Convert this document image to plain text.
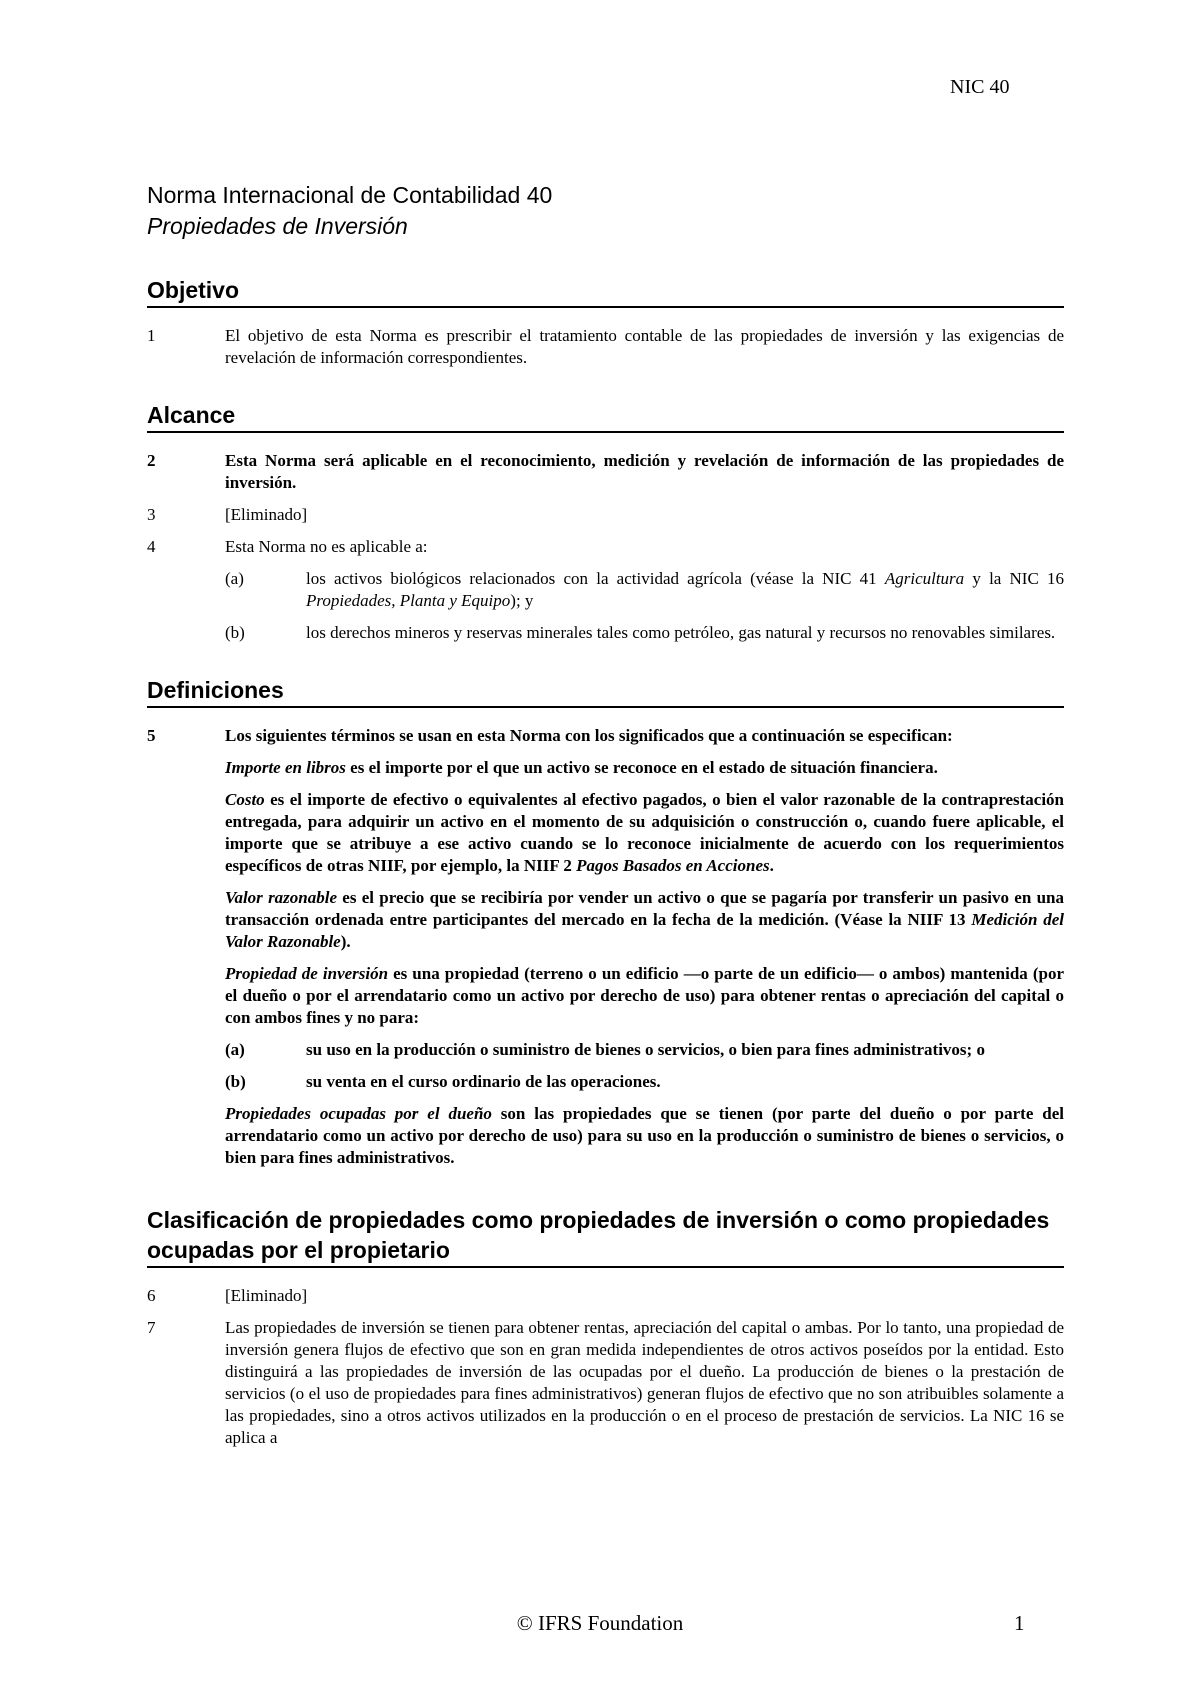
NIC 40
Norma Internacional de Contabilidad 40
Propiedades de Inversión
Objetivo
1	El objetivo de esta Norma es prescribir el tratamiento contable de las propiedades de inversión y las exigencias de revelación de información correspondientes.
Alcance
2	Esta Norma será aplicable en el reconocimiento, medición y revelación de información de las propiedades de inversión.
3	[Eliminado]
4	Esta Norma no es aplicable a:
(a)	los activos biológicos relacionados con la actividad agrícola (véase la NIC 41 Agricultura y la NIC 16 Propiedades, Planta y Equipo); y
(b)	los derechos mineros y reservas minerales tales como petróleo, gas natural y recursos no renovables similares.
Definiciones
5	Los siguientes términos se usan en esta Norma con los significados que a continuación se especifican:
Importe en libros es el importe por el que un activo se reconoce en el estado de situación financiera.
Costo es el importe de efectivo o equivalentes al efectivo pagados, o bien el valor razonable de la contraprestación entregada, para adquirir un activo en el momento de su adquisición o construcción o, cuando fuere aplicable, el importe que se atribuye a ese activo cuando se lo reconoce inicialmente de acuerdo con los requerimientos específicos de otras NIIF, por ejemplo, la NIIF 2 Pagos Basados en Acciones.
Valor razonable es el precio que se recibiría por vender un activo o que se pagaría por transferir un pasivo en una transacción ordenada entre participantes del mercado en la fecha de la medición. (Véase la NIIF 13 Medición del Valor Razonable).
Propiedad de inversión es una propiedad (terreno o un edificio —o parte de un edificio— o ambos) mantenida (por el dueño o por el arrendatario como un activo por derecho de uso) para obtener rentas o apreciación del capital o con ambos fines y no para:
(a)	su uso en la producción o suministro de bienes o servicios, o bien para fines administrativos; o
(b)	su venta en el curso ordinario de las operaciones.
Propiedades ocupadas por el dueño son las propiedades que se tienen (por parte del dueño o por parte del arrendatario como un activo por derecho de uso) para su uso en la producción o suministro de bienes o servicios, o bien para fines administrativos.
Clasificación de propiedades como propiedades de inversión o como propiedades ocupadas por el propietario
6	[Eliminado]
7	Las propiedades de inversión se tienen para obtener rentas, apreciación del capital o ambas. Por lo tanto, una propiedad de inversión genera flujos de efectivo que son en gran medida independientes de otros activos poseídos por la entidad. Esto distinguirá a las propiedades de inversión de las ocupadas por el dueño. La producción de bienes o la prestación de servicios (o el uso de propiedades para fines administrativos) generan flujos de efectivo que no son atribuibles solamente a las propiedades, sino a otros activos utilizados en la producción o en el proceso de prestación de servicios. La NIC 16 se aplica a
© IFRS Foundation	1
